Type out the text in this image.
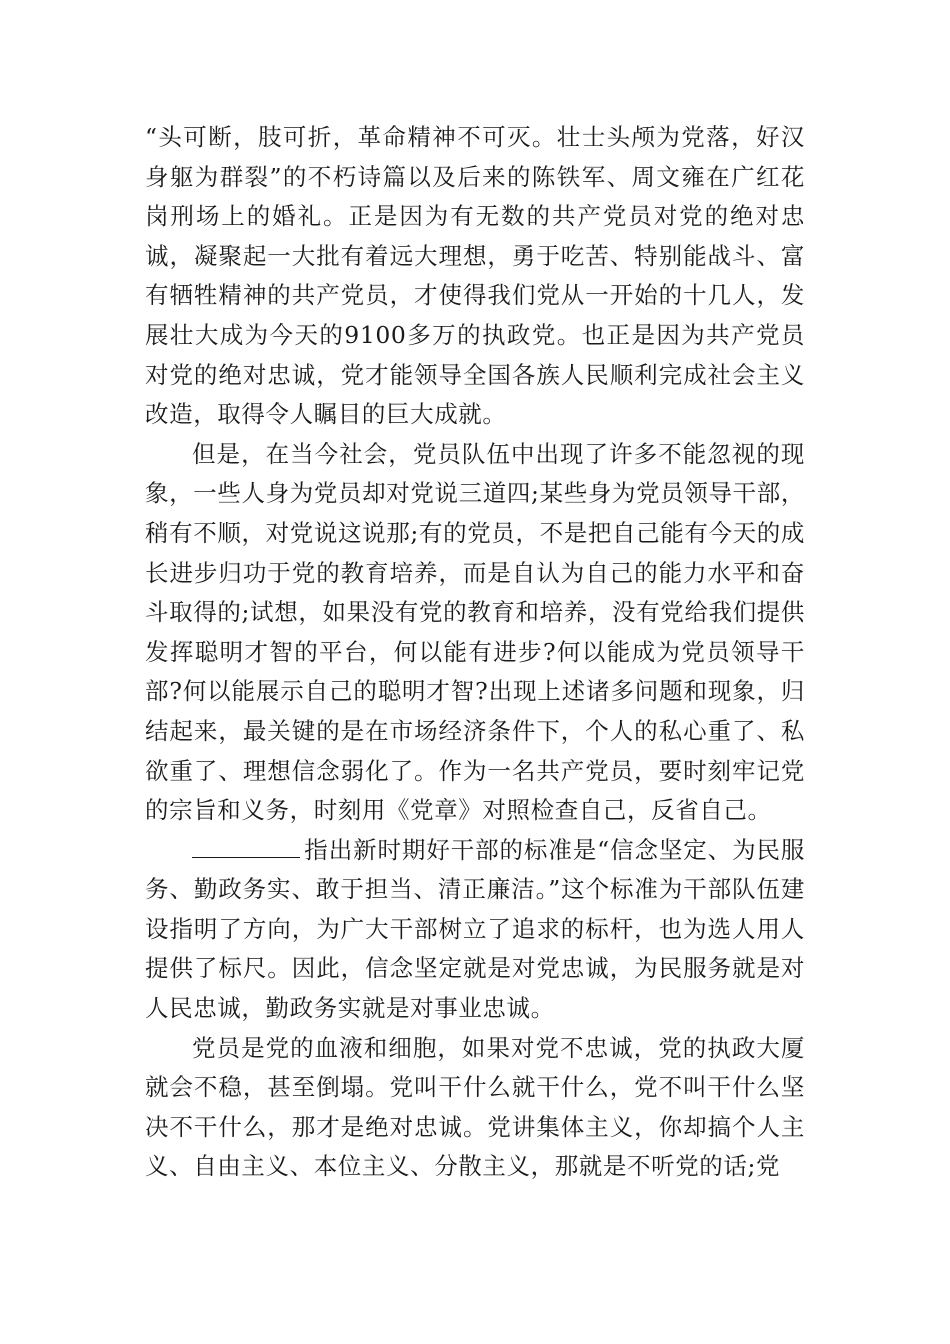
“头可断，肢可折，革命精神不可灭。壮士头颅为党落，好汉身躯为群裂”的不朽诗篇以及后来的陈铁军、周文雍在广红花岗刑场上的婚礼。正是因为有无数的共产党员对党的绝对忠诚，凝聚起一大批有着远大理想，勇于吃苦、特别能战斗、富有牺牲精神的共产党员，才使得我们党从一开始的十几人，发展壮大成为今天的9100多万的执政党。也正是因为共产党员对党的绝对忠诚，党才能领导全国各族人民顺利完成社会主义改造，取得令人瞩目的巨大成就。

但是，在当今社会，党员队伍中出现了许多不能忽视的现象，一些人身为党员却对党说三道四;某些身为党员领导干部，稍有不顺，对党说这说那;有的党员，不是把自己能有今天的成长进步归功于党的教育培养，而是自认为自己的能力水平和奋斗取得的;试想，如果没有党的教育和培养，没有党给我们提供发挥聪明才智的平台，何以能有进步?何以能成为党员领导干部?何以能展示自己的聪明才智?出现上述诸多问题和现象，归结起来，最关键的是在市场经济条件下，个人的私心重了、私欲重了、理想信念弱化了。作为一名共产党员，要时刻牢记党的宗旨和义务，时刻用《党章》对照检查自己，反省自己。

指出新时期好干部的标准是“信念坚定、为民服务、勤政务实、敢于担当、清正廉洁。”这个标准为干部队伍建设指明了方向，为广大干部树立了追求的标杆，也为选人用人提供了标尺。因此，信念坚定就是对党忠诚，为民服务就是对人民忠诚，勤政务实就是对事业忠诚。

党员是党的血液和细胞，如果对党不忠诚，党的执政大厦就会不稳，甚至倒塌。党叫干什么就干什么，党不叫干什么坚决不干什么，那才是绝对忠诚。党讲集体主义，你却搞个人主义、自由主义、本位主义、分散主义，那就是不听党的话;党
